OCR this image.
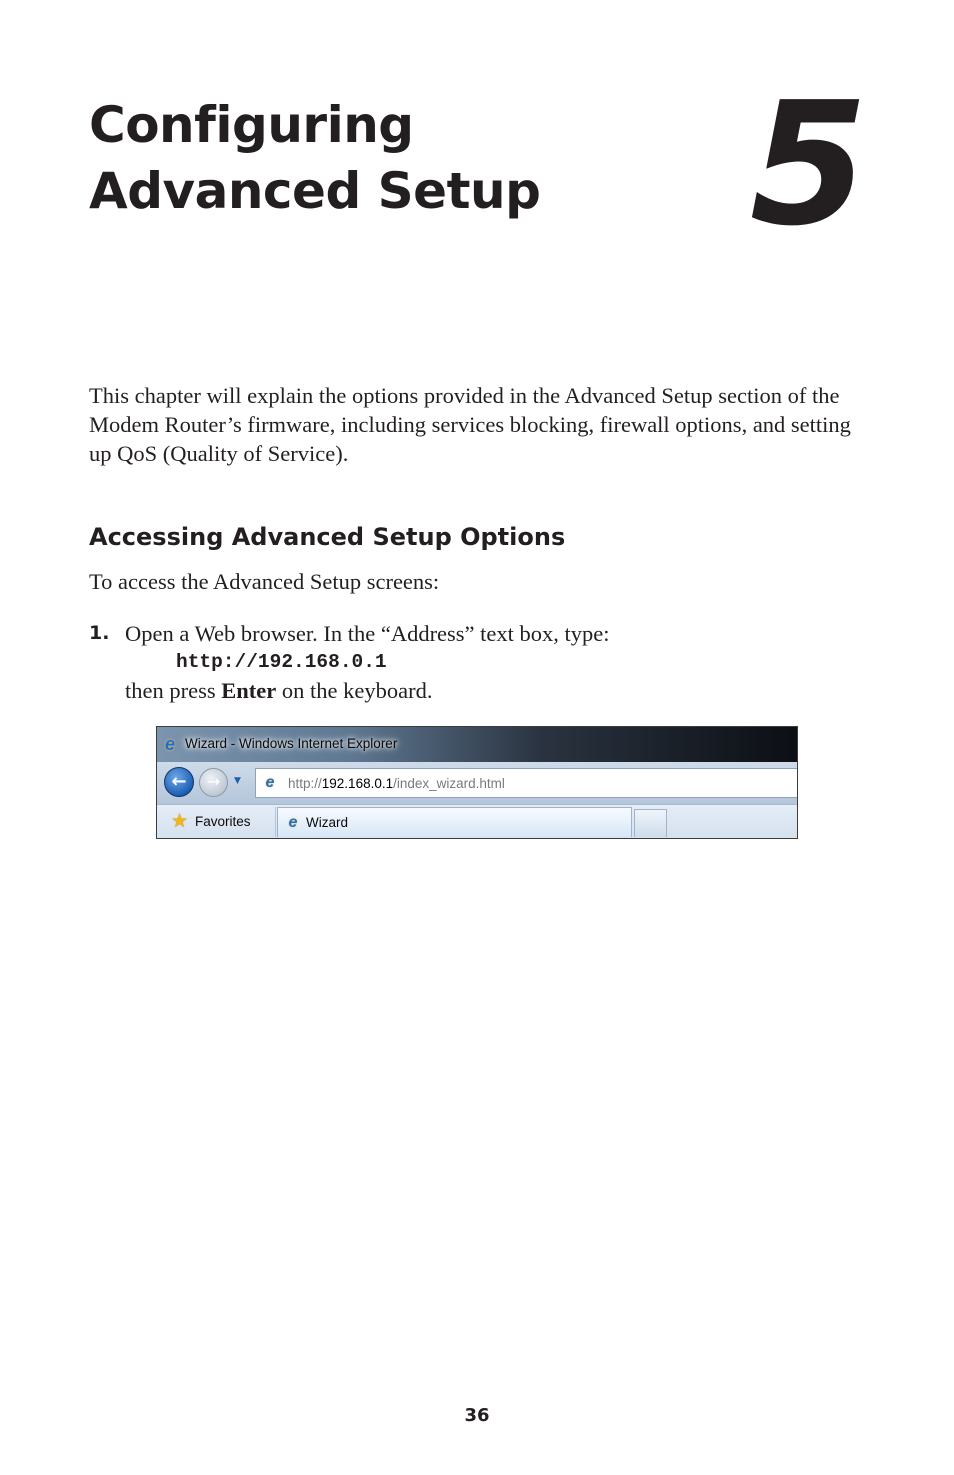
Configuring
Advanced Setup 5

This chapter will explain the options provided in the Advanced Setup section of the Modem Router’s firmware, including services blocking, firewall options, and setting up QoS (Quality of Service).

Accessing Advanced Setup Options

To access the Advanced Setup screens:

1. Open a Web browser. In the “Address” text box, type:
http://192.168.0.1
then press Enter on the keyboard.
e Wizard - Windows Internet Explorer
←	→	▼ e	http://192.168.0.1/index_wizard.html
★ Favorites e Wizard
36
